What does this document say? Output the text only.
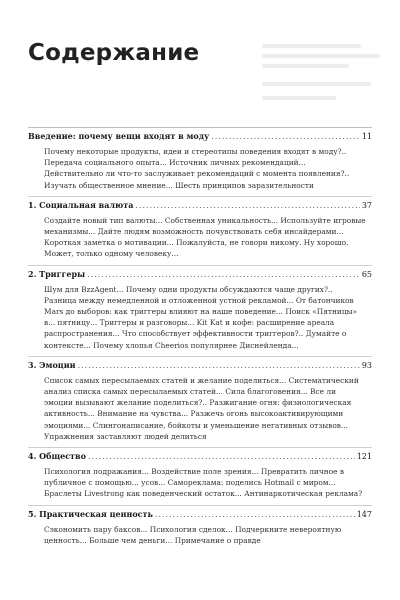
Содержание
Введение: почему вещи входят в моду .....	11
Почему некоторые продукты, идеи и стереотипы поведения входят в моду?.. Передача социального опыта... Источник личных рекомендаций... Действительно ли что-то заслуживает рекомендаций с момента появления?.. Изучать общественное мнение... Шесть принципов заразительности
1. Социальная валюта .....	37
Создайте новый тип валюты... Собственная уникальность... Используйте игровые механизмы... Дайте людям возможность почувствовать себя инсайдерами... Короткая заметка о мотивации... Пожалуйста, не говори никому. Ну хорошо. Может, только одному человеку...
2. Триггеры .....	65
Шум для BzzAgent... Почему одни продукты обсуждаются чаще других?.. Разница между немедленной и отложенной устной рекламой... От батончиков Mars до выборов: как триггеры влияют на наше поведение... Поиск «Пятницы» в... пятницу... Триггеры и разговоры... Kit Kat и кофе: расширение ареала распространения... Что способствует эффективности триггеров?.. Думайте о контексте... Почему хлопья Cheerios популярнее Диснейленда...
3. Эмоции .....	93
Список самых пересылаемых статей и желание поделиться... Систематический анализ списка самых пересылаемых статей... Сила благоговения... Все ли эмоции вызывают желание поделиться?.. Разжигание огня: физиологическая активность... Внимание на чувства... Разжечь огонь высокоактивирующими эмоциями... Слингонаписание, бойкоты и уменьшение негативных отзывов... Упражнения заставляют людей делиться
4. Общество .....	121
Психология подражания... Воздействие поле зрения... Превратить личное в публичное с помощью... усов... Самореклама: поделись Hotmail с миром... Браслеты Livestrong как поведенческий остаток... Антинаркотическая реклама?
5. Практическая ценность .....	147
Сэкономить пару баксов... Психология сделок... Подчеркните невероятную ценность... Больше чем деньги... Примечание о правде
